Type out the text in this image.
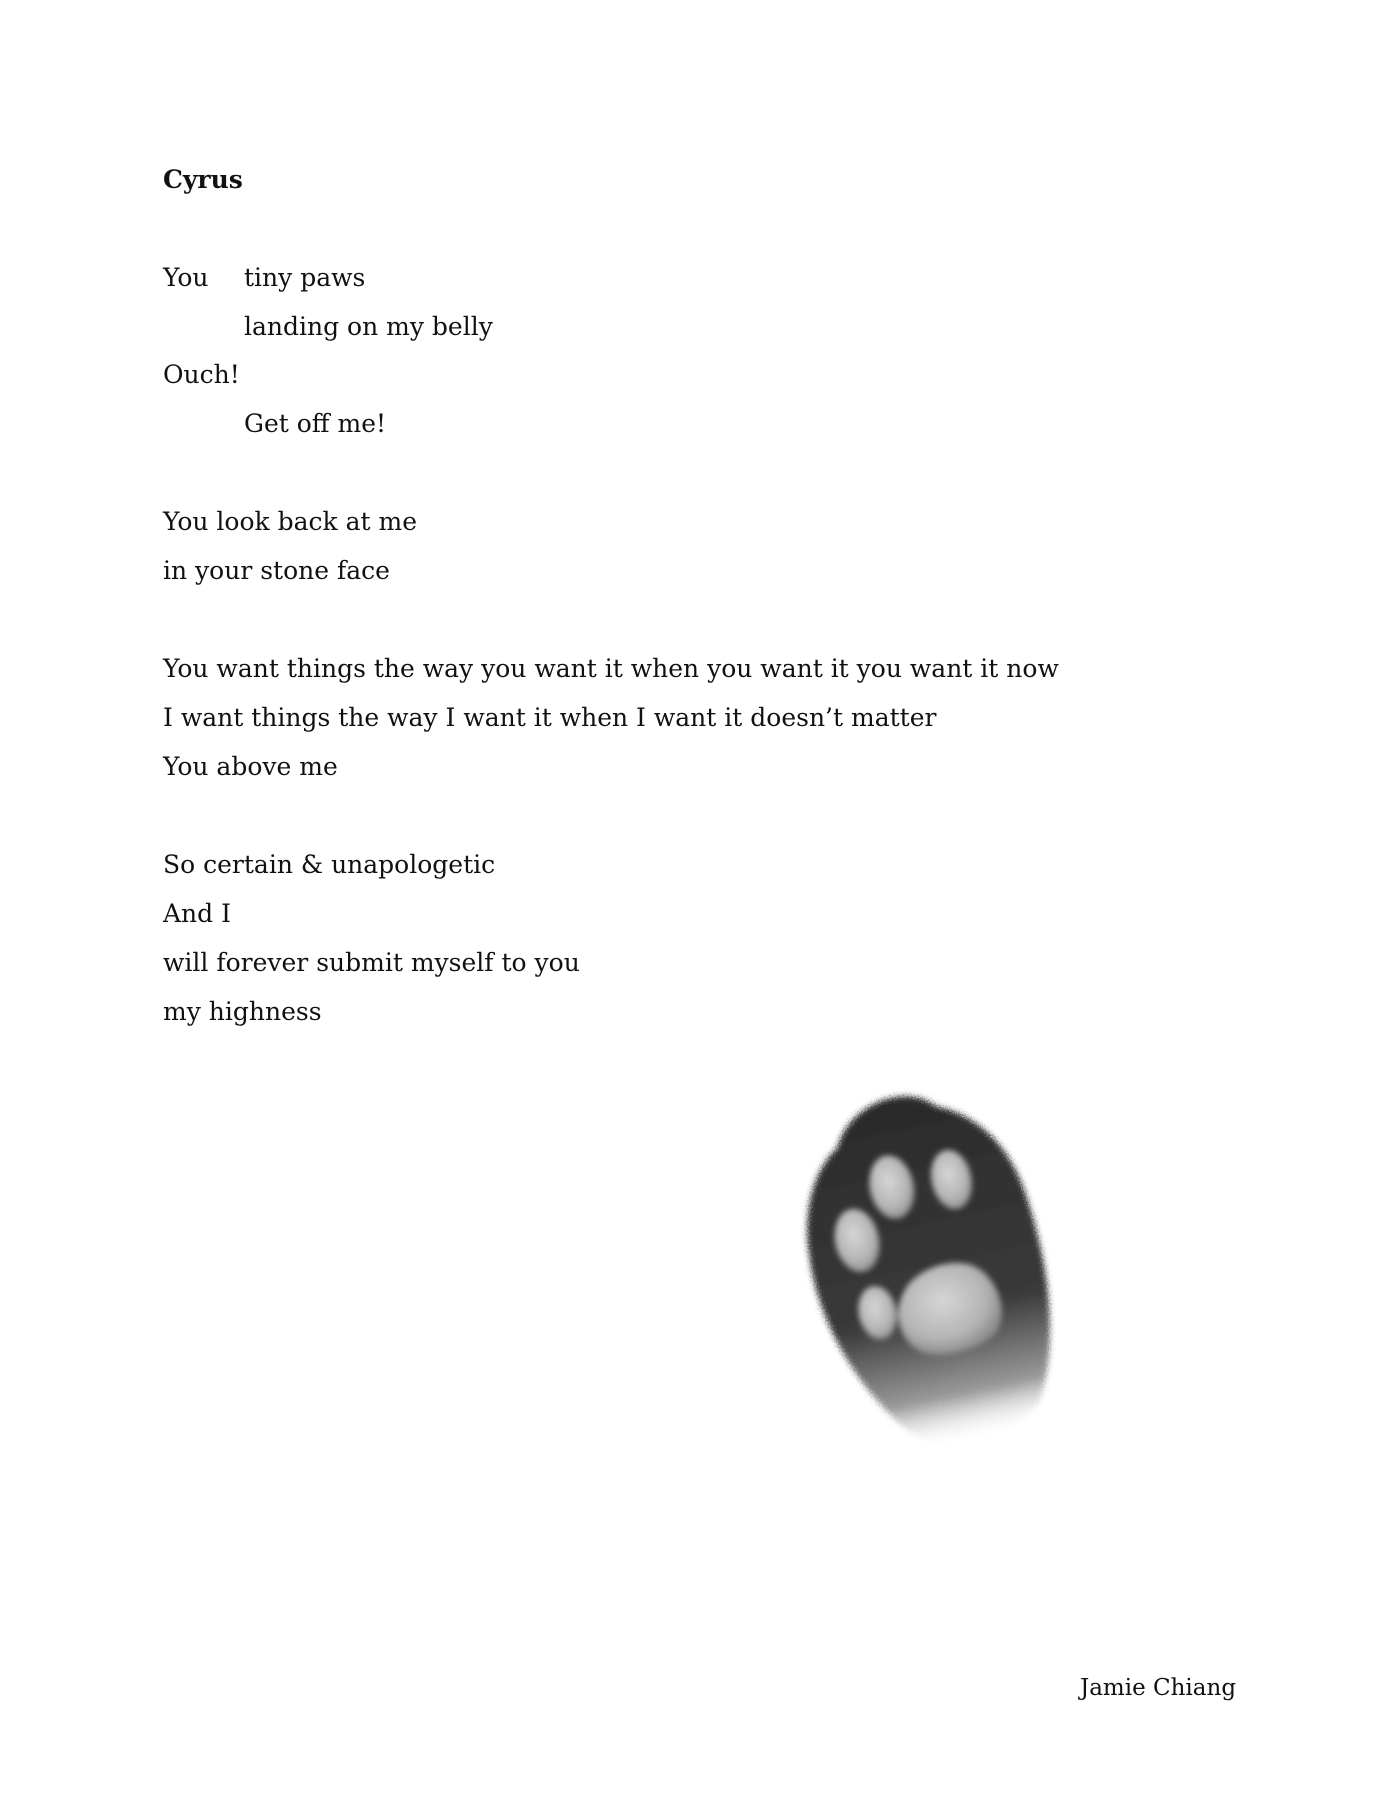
Cyrus
You tiny paws
landing on my belly
Ouch!
Get off me!
You look back at me
in your stone face
You want things the way you want it when you want it you want it now
I want things the way I want it when I want it doesn’t matter
You above me
So certain & unapologetic
And I
will forever submit myself to you
my highness
Jamie Chiang
